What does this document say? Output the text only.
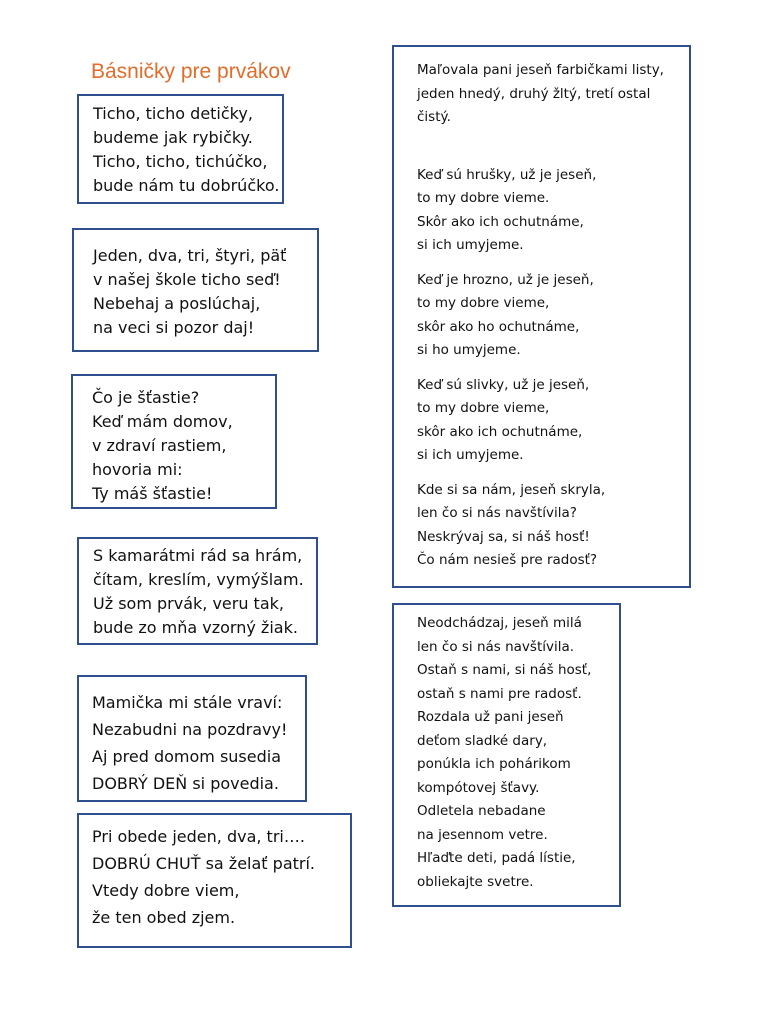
Básničky pre prvákov
Ticho, ticho detičky,
budeme jak rybičky.
Ticho, ticho, tichúčko,
bude nám tu dobrúčko.
Jeden, dva, tri, štyri, päť
v našej škole ticho seď!
Nebehaj a poslúchaj,
na veci si pozor daj!
Čo je šťastie?
Keď mám domov,
v zdraví rastiem,
hovoria mi:
Ty máš šťastie!
S kamarátmi rád sa hrám,
čítam, kreslím, vymýšlam.
Už som prvák, veru tak,
bude zo mňa vzorný žiak.
Mamička mi stále vraví:
Nezabudni na pozdravy!
Aj pred domom susedia
DOBRÝ DEŇ si povedia.
Pri obede jeden, dva, tri….
DOBRÚ CHUŤ sa želať patrí.
Vtedy dobre viem,
že ten obed zjem.
Maľovala pani jeseň farbičkami listy,
jeden hnedý, druhý žltý, tretí ostal
čistý.
Keď sú hrušky, už je jeseň,
to my dobre vieme.
Skôr ako ich ochutnáme,
si ich umyjeme.
Keď je hrozno, už je jeseň,
to my dobre vieme,
skôr ako ho ochutnáme,
si ho umyjeme.
Keď sú slivky, už je jeseň,
to my dobre vieme,
skôr ako ich ochutnáme,
si ich umyjeme.
Kde si sa nám, jeseň skryla,
len čo si nás navštívila?
Neskrývaj sa, si náš hosť!
Čo nám nesieš pre radosť?
Neodchádzaj, jeseň milá
len čo si nás navštívila.
Ostaň s nami, si náš hosť,
ostaň s nami pre radosť.
Rozdala už pani jeseň
deťom sladké dary,
ponúkla ich pohárikom
kompótovej šťavy.
Odletela nebadane
na jesennom vetre.
Hľaďte deti, padá lístie,
obliekajte svetre.
